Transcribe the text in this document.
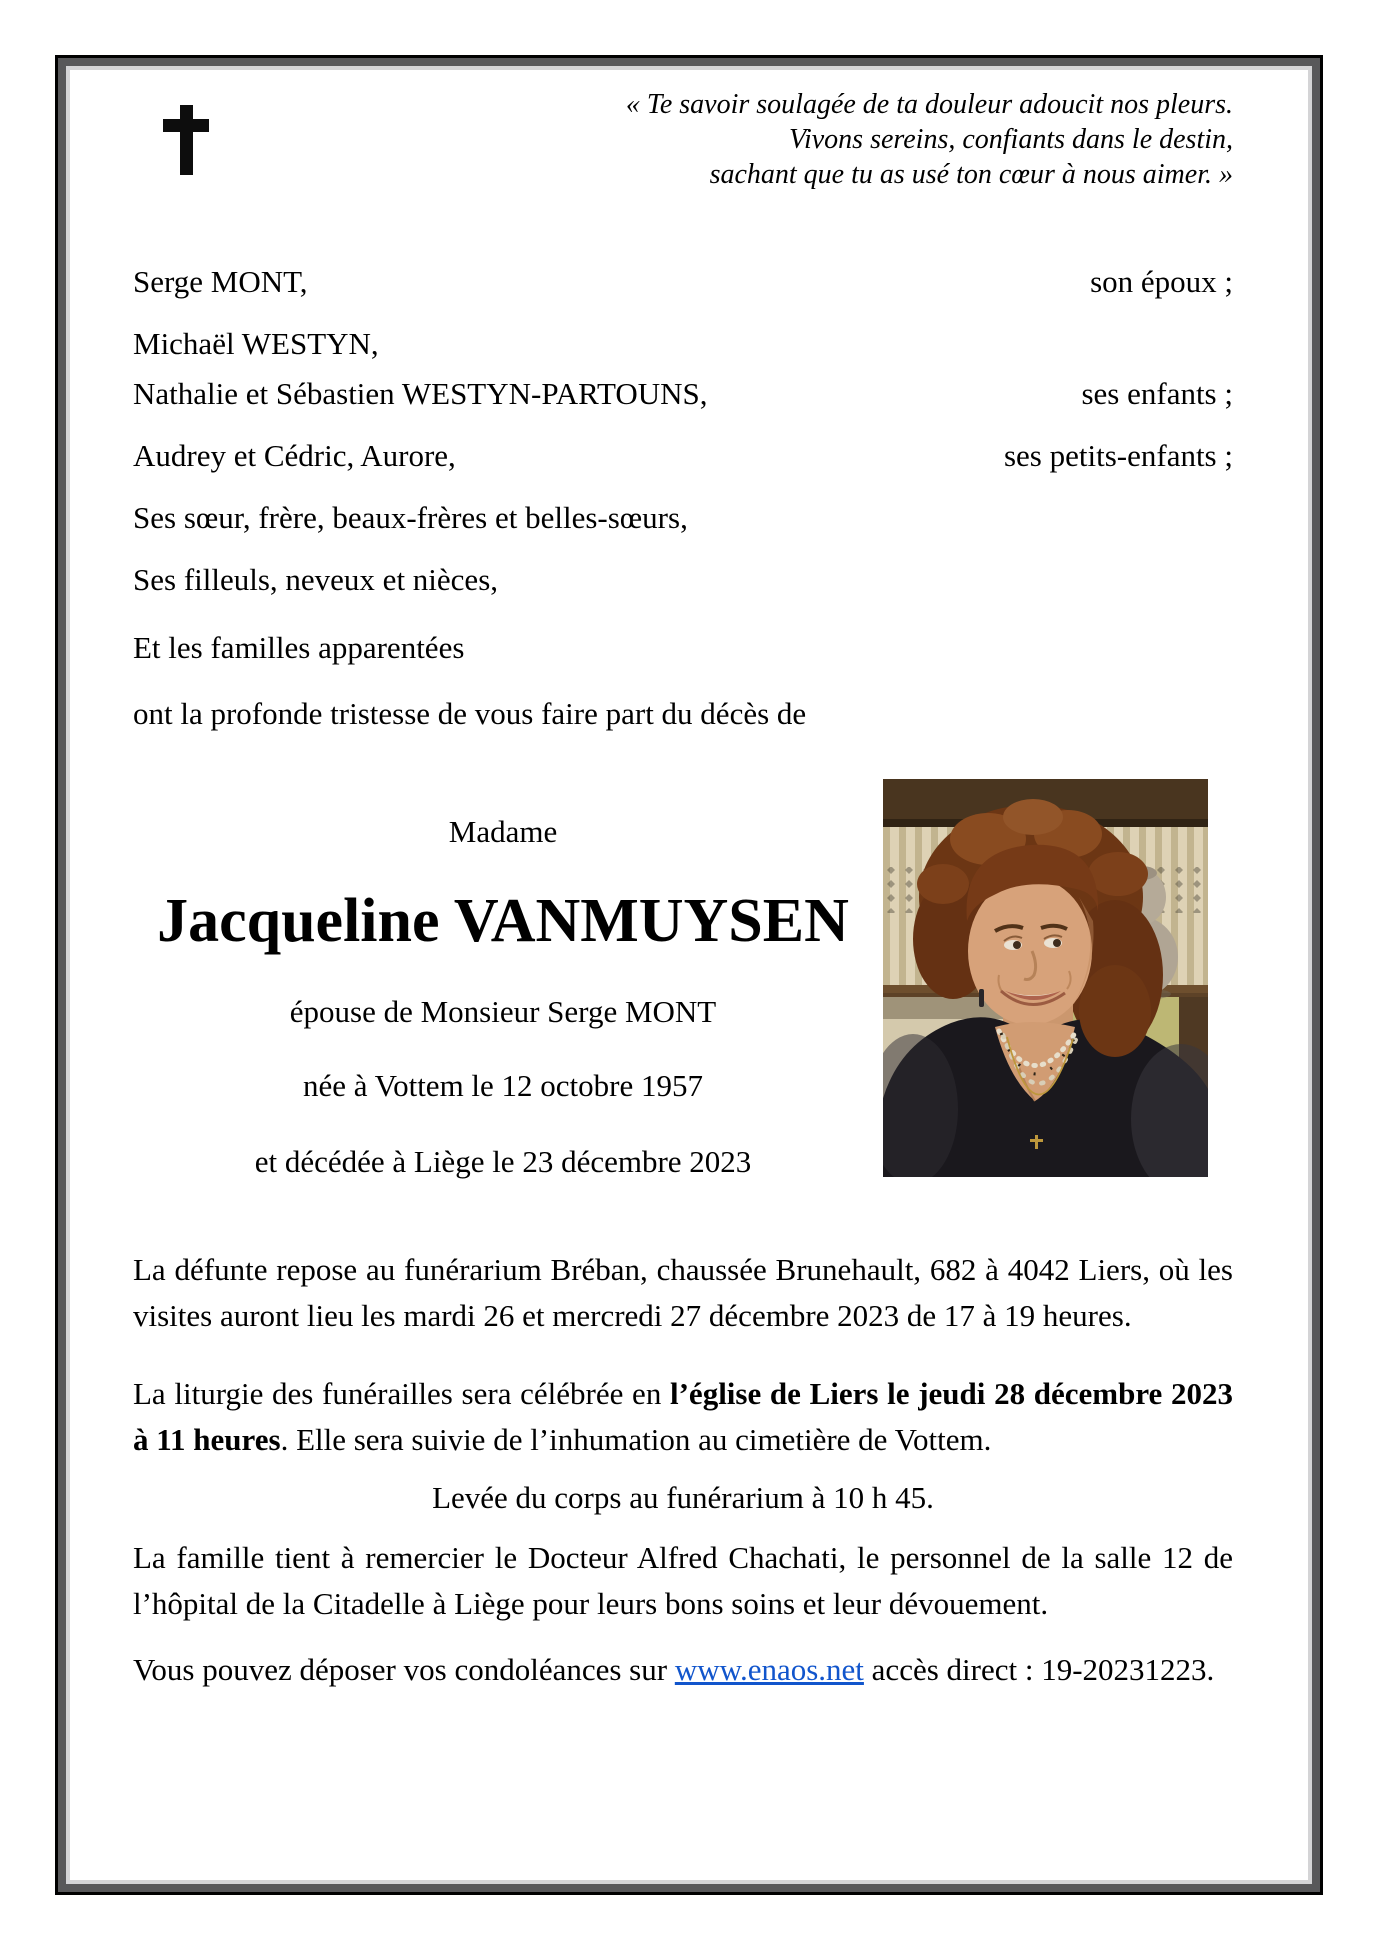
« Te savoir soulagée de ta douleur adoucit nos pleurs.
Vivons sereins, confiants dans le destin,
sachant que tu as usé ton cœur à nous aimer. »
Serge MONT,	son époux ;
Michaël WESTYN,
Nathalie et Sébastien WESTYN-PARTOUNS,	ses enfants ;
Audrey et Cédric, Aurore,	ses petits-enfants ;
Ses sœur, frère, beaux-frères et belles-sœurs,
Ses filleuls, neveux et nièces,
Et les familles apparentées
ont la profonde tristesse de vous faire part du décès de
Madame
Jacqueline VANMUYSEN
épouse de Monsieur Serge MONT
née à Vottem le 12 octobre 1957
et décédée à Liège le 23 décembre 2023
La défunte repose au funérarium Bréban, chaussée Brunehault, 682 à 4042 Liers, où les visites auront lieu les mardi 26 et mercredi 27 décembre 2023 de 17 à 19 heures.
La liturgie des funérailles sera célébrée en l’église de Liers le jeudi 28 décembre 2023 à 11 heures. Elle sera suivie de l’inhumation au cimetière de Vottem.
Levée du corps au funérarium à 10 h 45.
La famille tient à remercier le Docteur Alfred Chachati, le personnel de la salle 12 de l’hôpital de la Citadelle à Liège pour leurs bons soins et leur dévouement.
Vous pouvez déposer vos condoléances sur www.enaos.net accès direct : 19-20231223.
